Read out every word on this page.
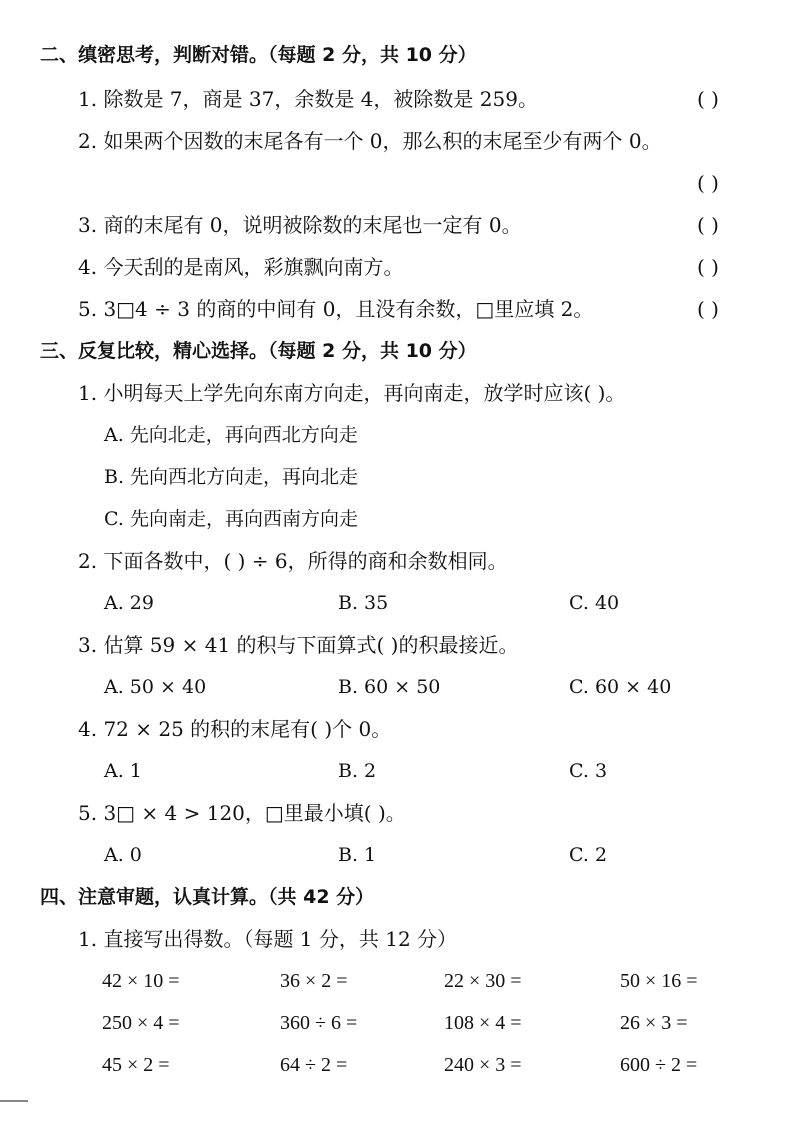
二、缜密思考，判断对错。（每题 2 分，共 10 分）
1. 除数是 7，商是 37，余数是 4，被除数是 259。	( )
2. 如果两个因数的末尾各有一个 0，那么积的末尾至少有两个 0。
( )
3. 商的末尾有 0，说明被除数的末尾也一定有 0。	( )
4. 今天刮的是南风，彩旗飘向南方。	( )
5. 3□4 ÷ 3 的商的中间有 0，且没有余数，□里应填 2。	( )
三、反复比较，精心选择。（每题 2 分，共 10 分）
1. 小明每天上学先向东南方向走，再向南走，放学时应该( )。
A. 先向北走，再向西北方向走
B. 先向西北方向走，再向北走
C. 先向南走，再向西南方向走
2. 下面各数中，( ) ÷ 6，所得的商和余数相同。
A. 29	B. 35	C. 40
3. 估算 59 × 41 的积与下面算式( )的积最接近。
A. 50 × 40	B. 60 × 50	C. 60 × 40
4. 72 × 25 的积的末尾有( )个 0。
A. 1	B. 2	C. 3
5. 3□ × 4 > 120，□里最小填( )。
A. 0	B. 1	C. 2
四、注意审题，认真计算。（共 42 分）
1. 直接写出得数。（每题 1 分，共 12 分）
42 × 10 =	36 × 2 =	22 × 30 =	50 × 16 =
250 × 4 =	360 ÷ 6 =	108 × 4 =	26 × 3 =
45 × 2 =	64 ÷ 2 =	240 × 3 =	600 ÷ 2 =
